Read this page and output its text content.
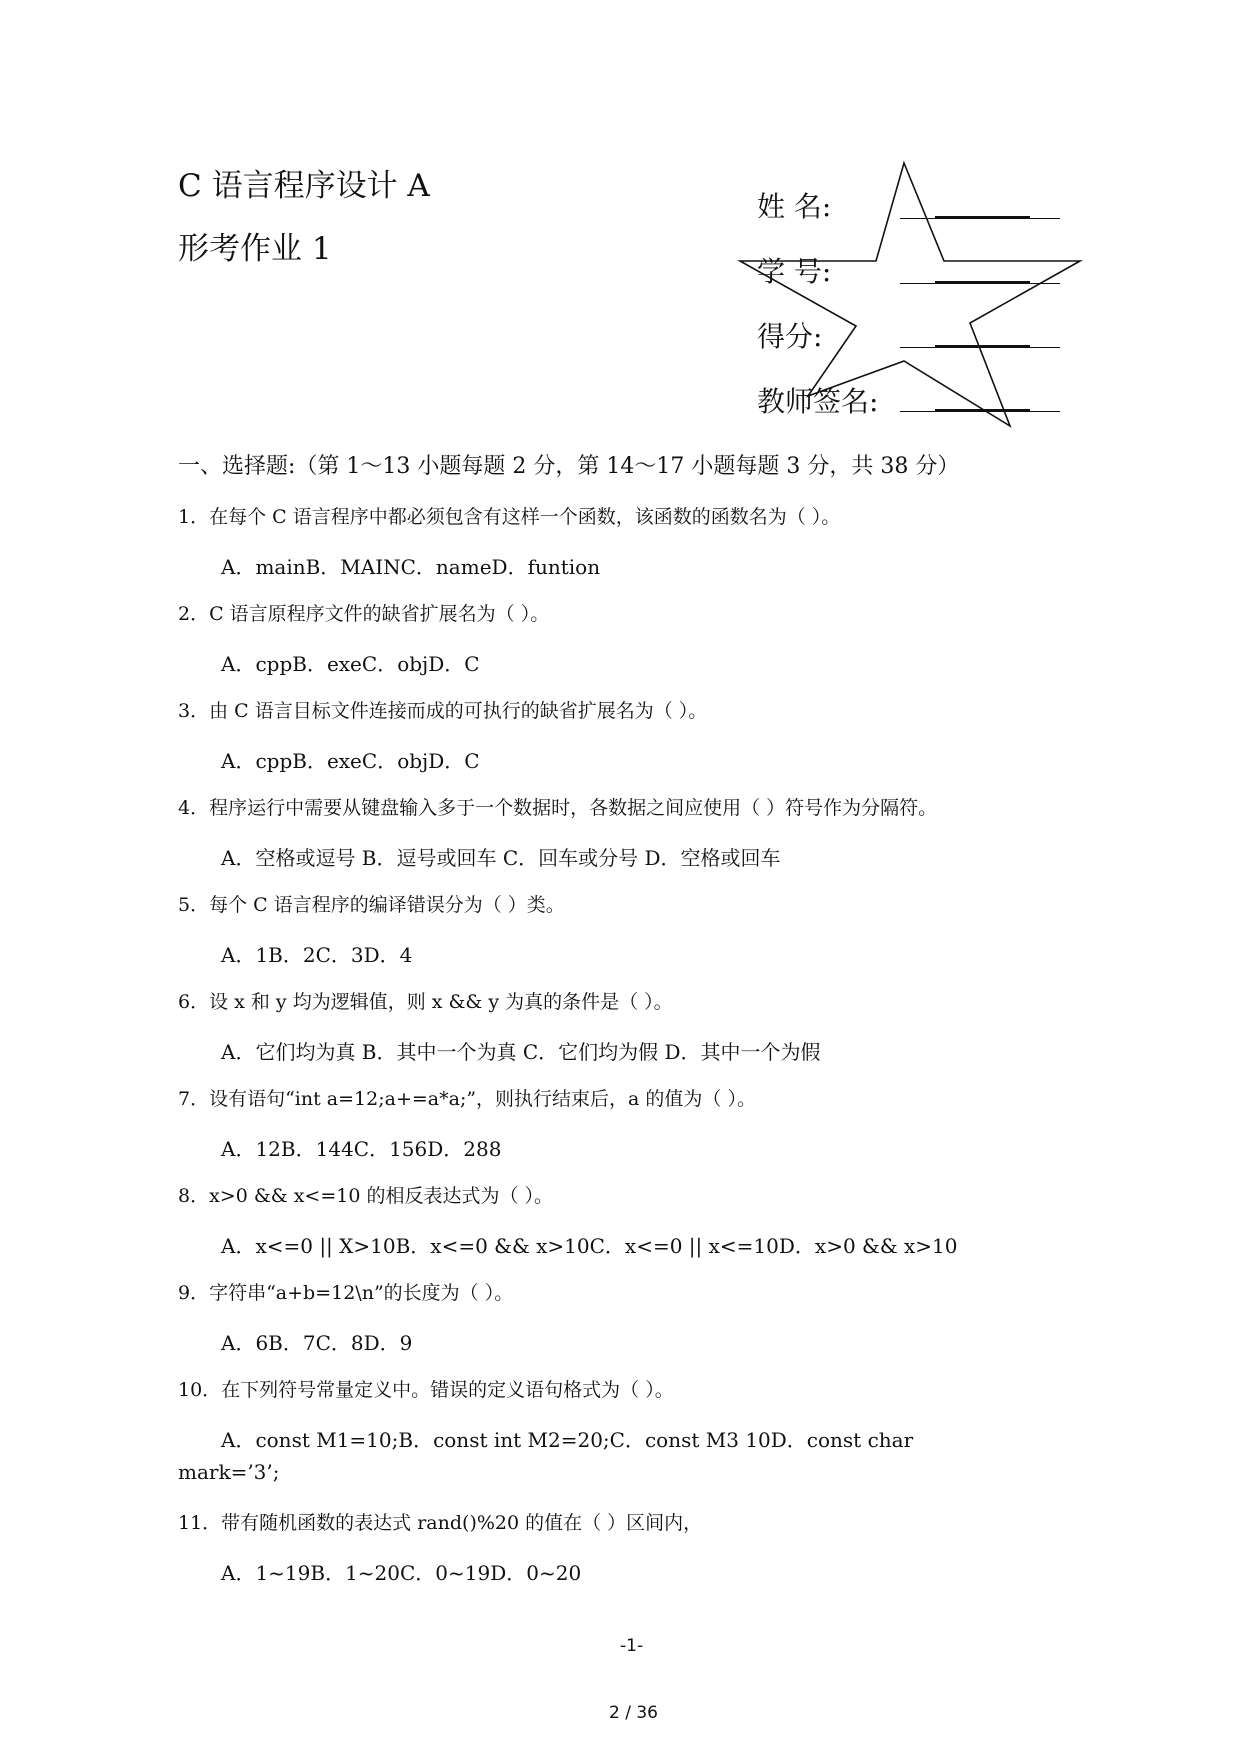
C 语言程序设计 A
形考作业 1
姓 名:
学 号:
得分:
教师签名:
一、选择题:（第 1～13 小题每题 2 分，第 14～17 小题每题 3 分，共 38 分）
1．在每个 C 语言程序中都必须包含有这样一个函数，该函数的函数名为（ ）。
A．mainB．MAINC．nameD．funtion
2．C 语言原程序文件的缺省扩展名为（ ）。
A．cppB．exeC．objD．C
3．由 C 语言目标文件连接而成的可执行的缺省扩展名为（ ）。
A．cppB．exeC．objD．C
4．程序运行中需要从键盘输入多于一个数据时，各数据之间应使用（ ）符号作为分隔符。
A．空格或逗号 B．逗号或回车 C．回车或分号 D．空格或回车
5．每个 C 语言程序的编译错误分为（ ）类。
A．1B．2C．3D．4
6．设 x 和 y 均为逻辑值，则 x && y 为真的条件是（ ）。
A．它们均为真 B．其中一个为真 C．它们均为假 D．其中一个为假
7．设有语句“int a=12;a+=a*a;”，则执行结束后，a 的值为（ ）。
A．12B．144C．156D．288
8．x>0 && x<=10 的相反表达式为（ ）。
A．x<=0 || X>10B．x<=0 && x>10C．x<=0 || x<=10D．x>0 && x>10
9．字符串“a+b=12\n”的长度为（ ）。
A．6B．7C．8D．9
10．在下列符号常量定义中。错误的定义语句格式为（ ）。
A．const M1=10;B．const int M2=20;C．const M3 10D．const char
mark=’3’;
11．带有随机函数的表达式 rand()%20 的值在（ ）区间内，
A．1~19B．1~20C．0~19D．0~20
-1-
2 / 36
